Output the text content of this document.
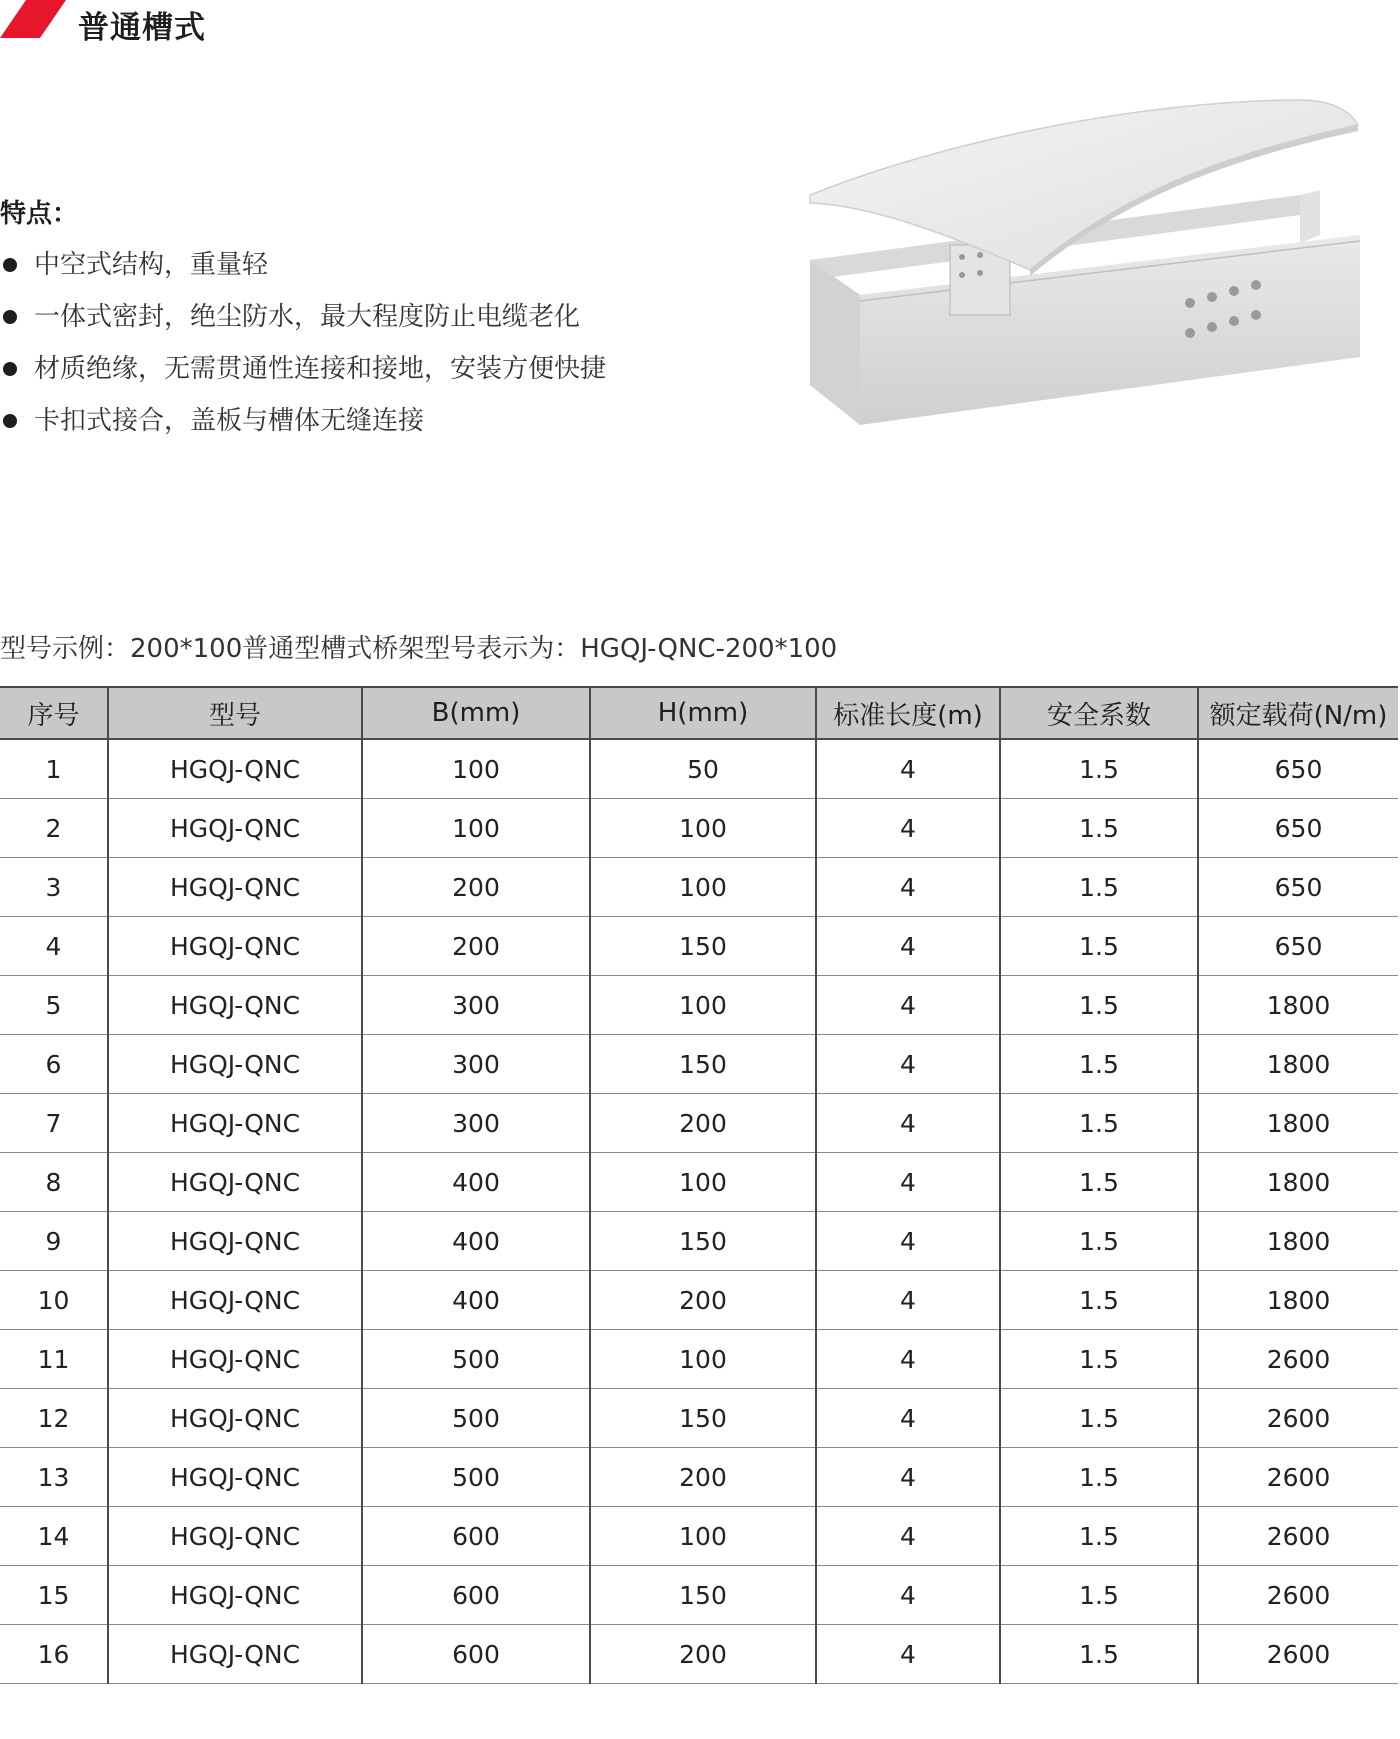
普通槽式
特点：
中空式结构，重量轻
一体式密封，绝尘防水，最大程度防止电缆老化
材质绝缘，无需贯通性连接和接地，安装方便快捷
卡扣式接合，盖板与槽体无缝连接
型号示例：200*100普通型槽式桥架型号表示为：HGQJ-QNC-200*100
序号	型号	B(mm)	H(mm)	标准长度(m)	安全系数	额定载荷(N/m)
1	HGQJ-QNC	100	50	4	1.5	650
2	HGQJ-QNC	100	100	4	1.5	650
3	HGQJ-QNC	200	100	4	1.5	650
4	HGQJ-QNC	200	150	4	1.5	650
5	HGQJ-QNC	300	100	4	1.5	1800
6	HGQJ-QNC	300	150	4	1.5	1800
7	HGQJ-QNC	300	200	4	1.5	1800
8	HGQJ-QNC	400	100	4	1.5	1800
9	HGQJ-QNC	400	150	4	1.5	1800
10	HGQJ-QNC	400	200	4	1.5	1800
11	HGQJ-QNC	500	100	4	1.5	2600
12	HGQJ-QNC	500	150	4	1.5	2600
13	HGQJ-QNC	500	200	4	1.5	2600
14	HGQJ-QNC	600	100	4	1.5	2600
15	HGQJ-QNC	600	150	4	1.5	2600
16	HGQJ-QNC	600	200	4	1.5	2600
